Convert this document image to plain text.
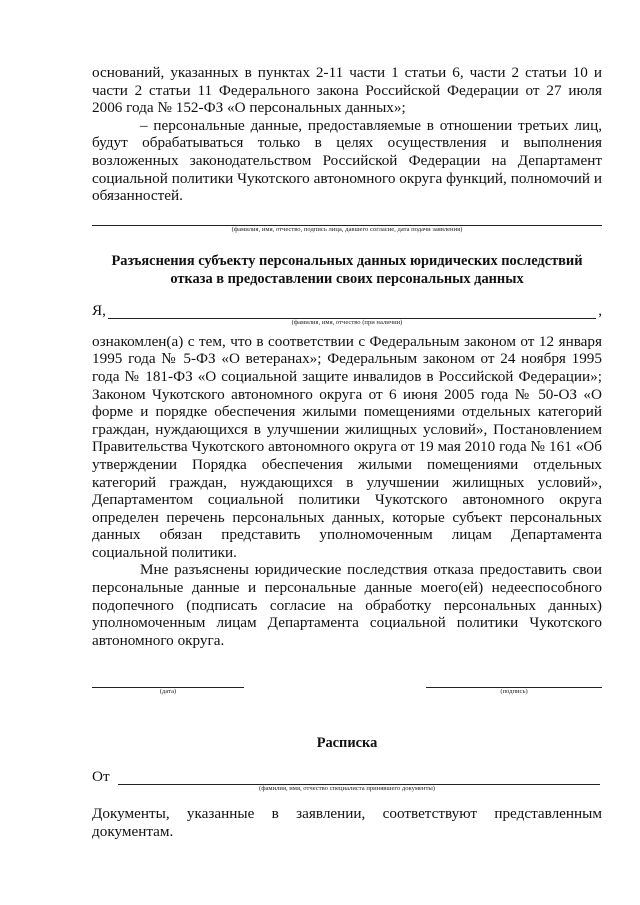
оснований, указанных в пунктах 2-11 части 1 статьи 6, части 2 статьи 10 и части 2 статьи 11 Федерального закона Российской Федерации от 27 июля 2006 года № 152-ФЗ «О персональных данных»;

– персональные данные, предоставляемые в отношении третьих лиц, будут обрабатываться только в целях осуществления и выполнения возложенных законодательством Российской Федерации на Департамент социальной политики Чукотского автономного округа функций, полномочий и обязанностей.

(фамилия, имя, отчество, подпись лица, давшего согласие, дата подачи заявления)
Разъяснения субъекту персональных данных юридических последствий отказа в предоставлении своих персональных данных
Я,	,
(фамилия, имя, отчество (при наличии)

ознакомлен(а) с тем, что в соответствии с Федеральным законом от 12 января 1995 года № 5-ФЗ «О ветеранах»; Федеральным законом от 24 ноября 1995 года № 181-ФЗ «О социальной защите инвалидов в Российской Федерации»; Законом Чукотского автономного округа от 6 июня 2005 года № 50-ОЗ «О форме и порядке обеспечения жилыми помещениями отдельных категорий граждан, нуждающихся в улучшении жилищных условий», Постановлением Правительства Чукотского автономного округа от 19 мая 2010 года № 161 «Об утверждении Порядка обеспечения жилыми помещениями отдельных категорий граждан, нуждающихся в улучшении жилищных условий», Департаментом социальной политики Чукотского автономного округа определен перечень персональных данных, которые субъект персональных данных обязан представить уполномоченным лицам Департамента социальной политики.

Мне разъяснены юридические последствия отказа предоставить свои персональные данные и персональные данные моего(ей) недееспособного подопечного (подписать согласие на обработку персональных данных) уполномоченным лицам Департамента социальной политики Чукотского автономного округа.

(дата)	(подпись)
Расписка
От
(фамилия, имя, отчество специалиста принявшего документы)

Документы, указанные в заявлении, соответствуют представленным документам.
